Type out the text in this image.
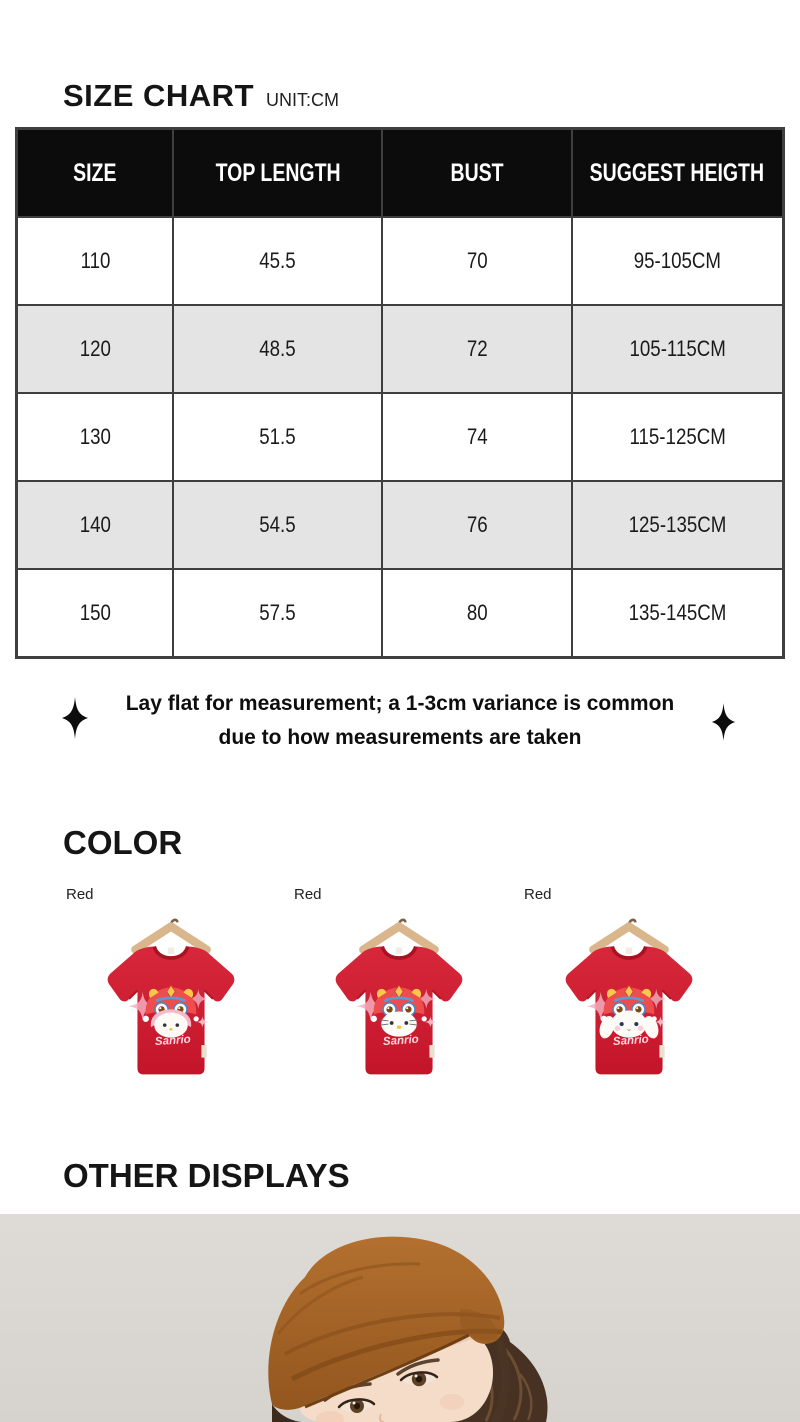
SIZE CHART UNIT:CM
SIZE	TOP LENGTH	BUST	SUGGEST HEIGTH
110	45.5	70	95-105CM
120	48.5	72	105-115CM
130	51.5	74	115-125CM
140	54.5	76	125-135CM
150	57.5	80	135-145CM
Lay flat for measurement; a 1-3cm variance is common
due to how measurements are taken
COLOR
Red
Sanrio
Red
Sanrio
Red
Sanrio
OTHER DISPLAYS
